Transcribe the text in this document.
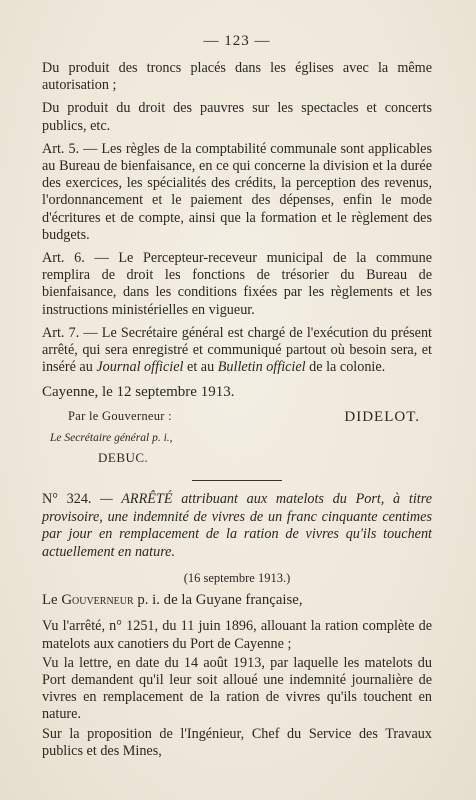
— 123 —

Du produit des troncs placés dans les églises avec la même autorisation ;

Du produit du droit des pauvres sur les spectacles et concerts publics, etc.

Art. 5. — Les règles de la comptabilité communale sont applicables au Bureau de bienfaisance, en ce qui concerne la division et la durée des exercices, les spécialités des crédits, la perception des revenus, l'ordonnancement et le paiement des dépenses, enfin le mode d'écritures et de compte, ainsi que la formation et le règlement des budgets.

Art. 6. — Le Percepteur-receveur municipal de la commune remplira de droit les fonctions de trésorier du Bureau de bienfaisance, dans les conditions fixées par les règlements et les instructions ministérielles en vigueur.

Art. 7. — Le Secrétaire général est chargé de l'exécution du présent arrêté, qui sera enregistré et communiqué partout où besoin sera, et inséré au Journal officiel et au Bulletin officiel de la colonie.

Cayenne, le 12 septembre 1913.
Par le Gouverneur :	DIDELOT.
Le Secrétaire général p. i.,
DEBUC.

N° 324. — ARRÊTÉ attribuant aux matelots du Port, à titre provisoire, une indemnité de vivres de un franc cinquante centimes par jour en remplacement de la ration de vivres qu'ils touchent actuellement en nature.

(16 septembre 1913.)
Le Gouverneur p. i. de la Guyane française,

Vu l'arrêté, n° 1251, du 11 juin 1896, allouant la ration complète de matelots aux canotiers du Port de Cayenne ;

Vu la lettre, en date du 14 août 1913, par laquelle les matelots du Port demandent qu'il leur soit alloué une indemnité journalière de vivres en remplacement de la ration de vivres qu'ils touchent en nature.

Sur la proposition de l'Ingénieur, Chef du Service des Travaux publics et des Mines,
